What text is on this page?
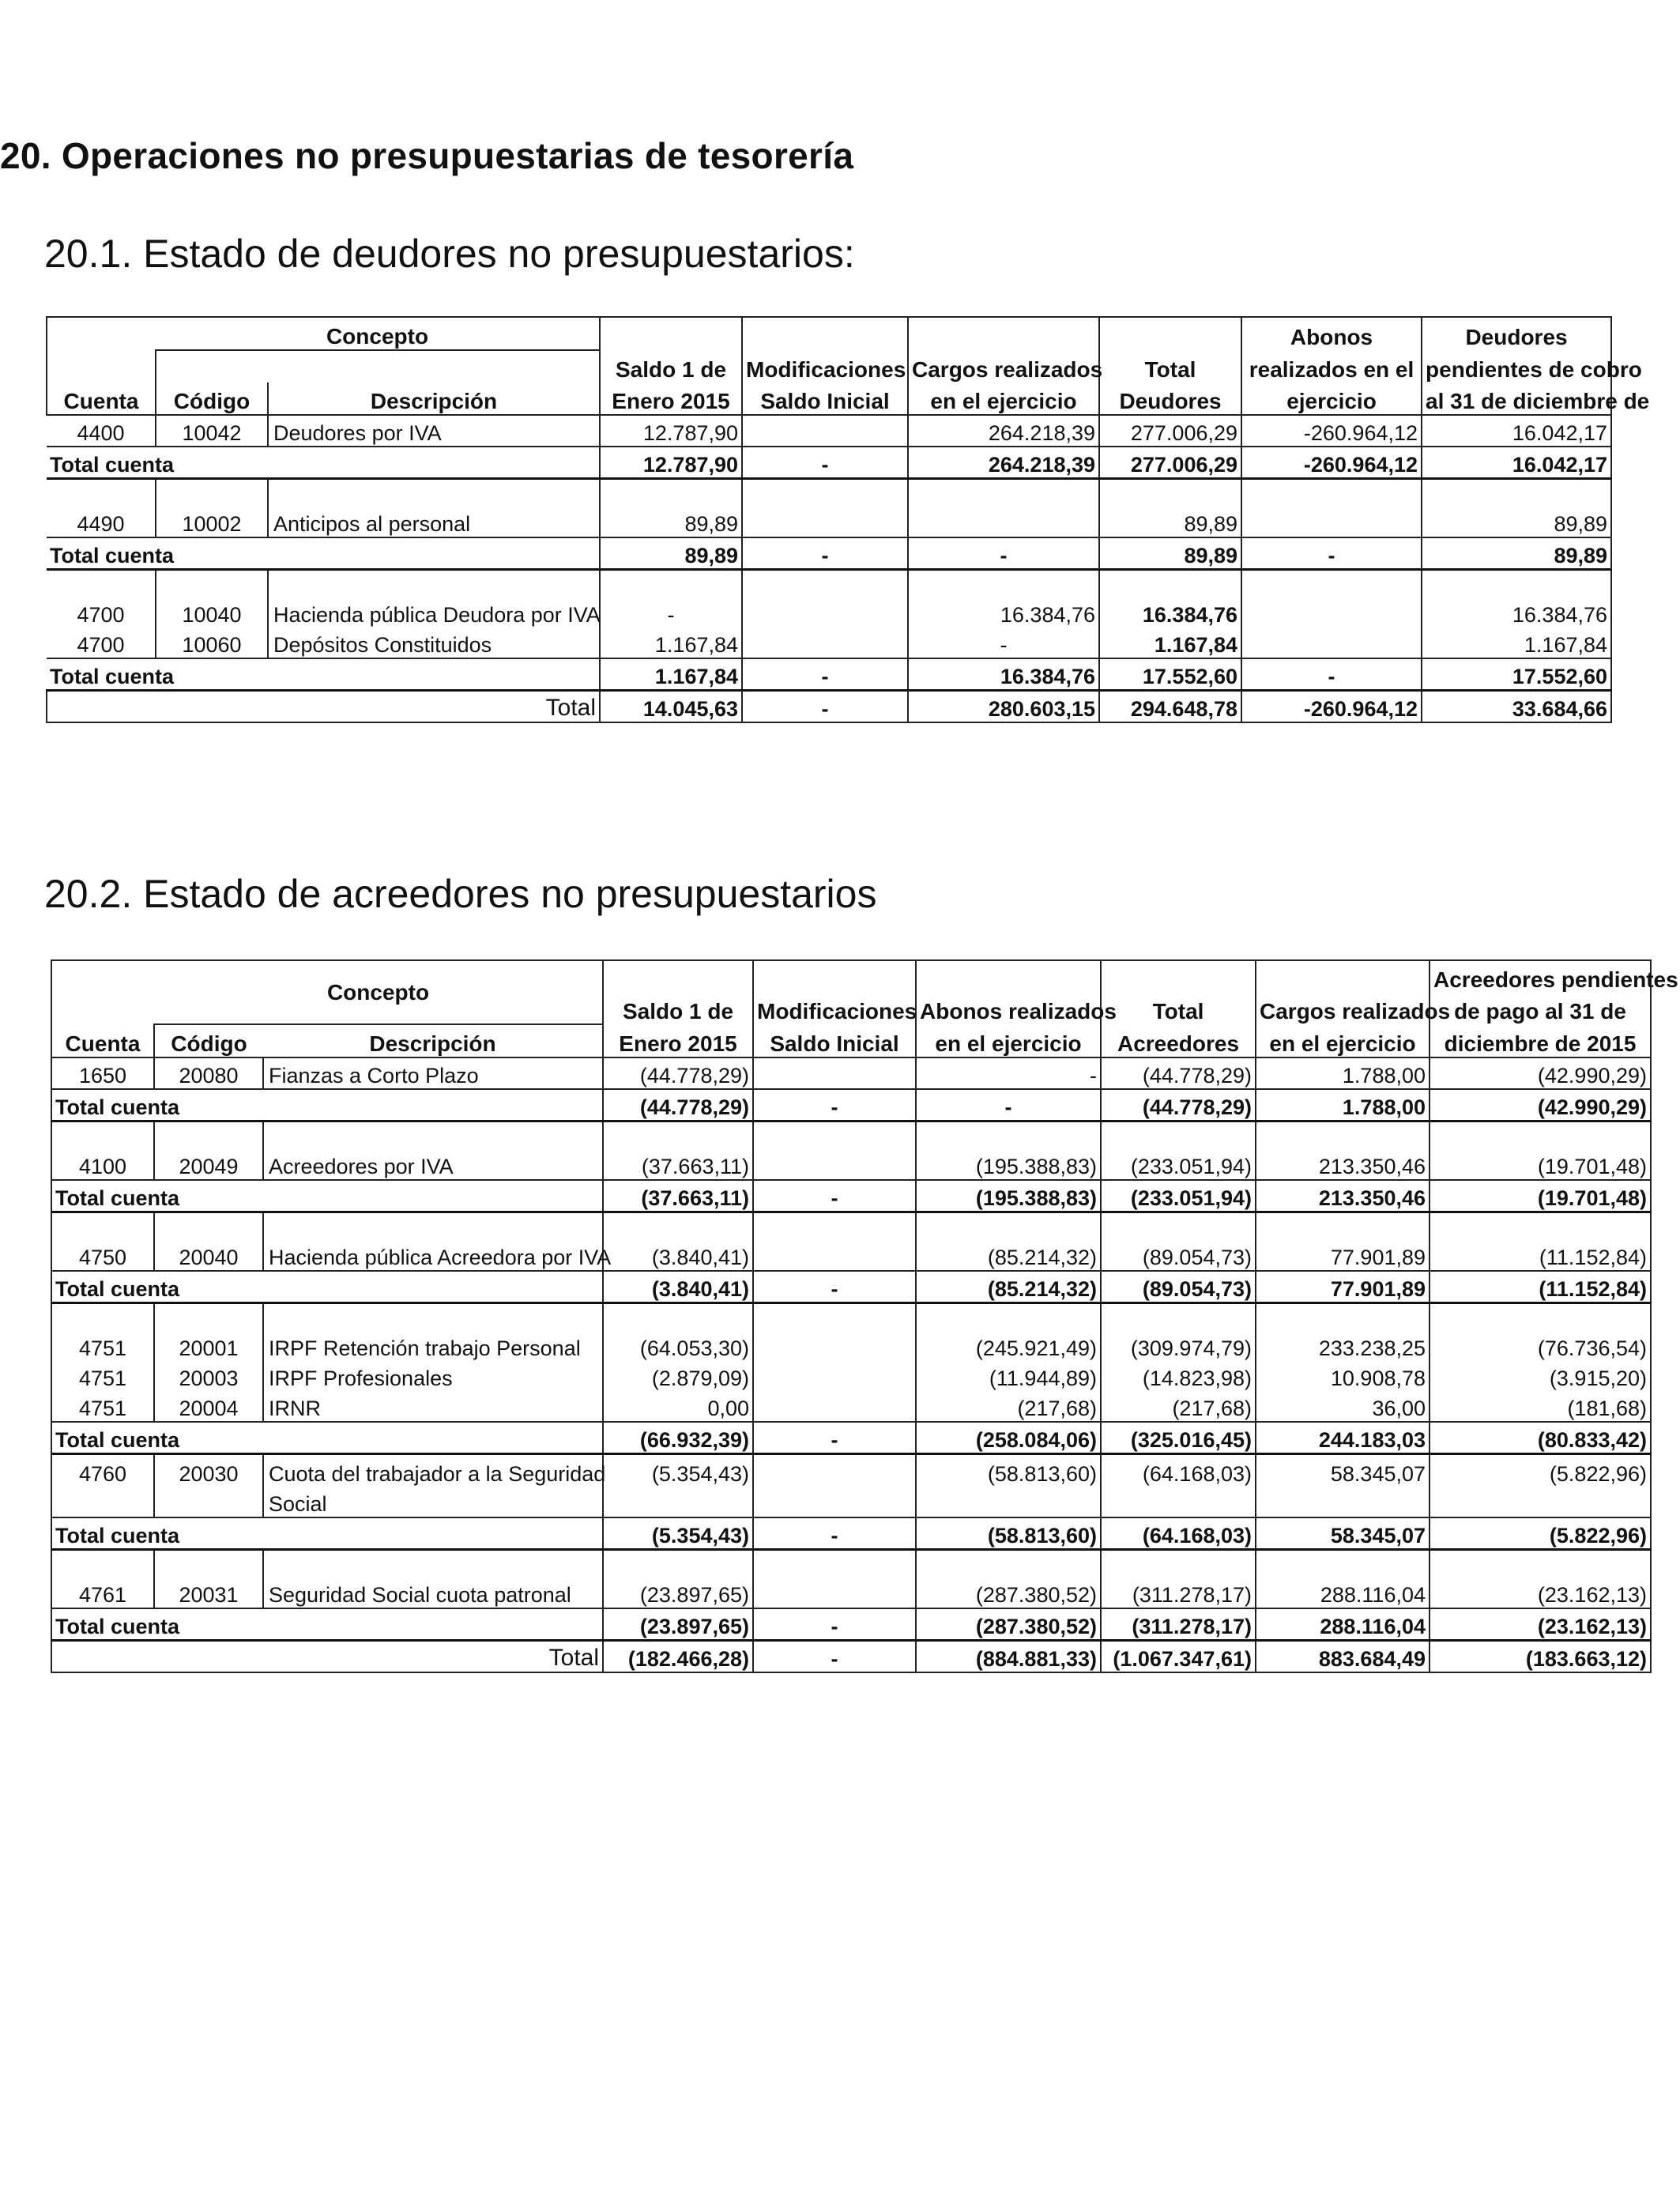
20. Operaciones no presupuestarias de tesorería
20.1. Estado de deudores no presupuestarios:
	Concepto						Abonos	Deudores
			Saldo 1 de	Modificaciones	Cargos realizados	Total	realizados en el	pendientes de cobro
Cuenta	Código	Descripción	Enero 2015	Saldo Inicial	en el ejercicio	Deudores	ejercicio	al 31 de diciembre de
4400	10042	Deudores por IVA	12.787,90		264.218,39	277.006,29	-260.964,12	16.042,17
Total cuenta			12.787,90	-	264.218,39	277.006,29	-260.964,12	16.042,17

4490	10002	Anticipos al personal	89,89			89,89		89,89
Total cuenta			89,89	-	-	89,89	-	89,89

4700	10040	Hacienda pública Deudora por IVA	-		16.384,76	16.384,76		16.384,76
4700	10060	Depósitos Constituidos	1.167,84		-	1.167,84		1.167,84
Total cuenta			1.167,84	-	16.384,76	17.552,60	-	17.552,60
Total			14.045,63	-	280.603,15	294.648,78	-260.964,12	33.684,66
20.2. Estado de acreedores no presupuestarios
	Concepto							Acreedores pendientes
			Saldo 1 de	Modificaciones	Abonos realizados	Total	Cargos realizados	de pago al 31 de
Cuenta	Código	Descripción	Enero 2015	Saldo Inicial	en el ejercicio	Acreedores	en el ejercicio	diciembre de 2015
1650	20080	Fianzas a Corto Plazo	(44.778,29)		-	(44.778,29)	1.788,00	(42.990,29)
Total cuenta			(44.778,29)	-	-	(44.778,29)	1.788,00	(42.990,29)

4100	20049	Acreedores por IVA	(37.663,11)		(195.388,83)	(233.051,94)	213.350,46	(19.701,48)
Total cuenta			(37.663,11)	-	(195.388,83)	(233.051,94)	213.350,46	(19.701,48)

4750	20040	Hacienda pública Acreedora por IVA	(3.840,41)		(85.214,32)	(89.054,73)	77.901,89	(11.152,84)
Total cuenta			(3.840,41)	-	(85.214,32)	(89.054,73)	77.901,89	(11.152,84)

4751	20001	IRPF Retención trabajo Personal	(64.053,30)		(245.921,49)	(309.974,79)	233.238,25	(76.736,54)
4751	20003	IRPF Profesionales	(2.879,09)		(11.944,89)	(14.823,98)	10.908,78	(3.915,20)
4751	20004	IRNR	0,00		(217,68)	(217,68)	36,00	(181,68)
Total cuenta			(66.932,39)	-	(258.084,06)	(325.016,45)	244.183,03	(80.833,42)
4760	20030	Cuota del trabajador a la Seguridad	(5.354,43)		(58.813,60)	(64.168,03)	58.345,07	(5.822,96)
		Social						
Total cuenta			(5.354,43)	-	(58.813,60)	(64.168,03)	58.345,07	(5.822,96)

4761	20031	Seguridad Social cuota patronal	(23.897,65)		(287.380,52)	(311.278,17)	288.116,04	(23.162,13)
Total cuenta			(23.897,65)	-	(287.380,52)	(311.278,17)	288.116,04	(23.162,13)
Total			(182.466,28)	-	(884.881,33)	(1.067.347,61)	883.684,49	(183.663,12)
